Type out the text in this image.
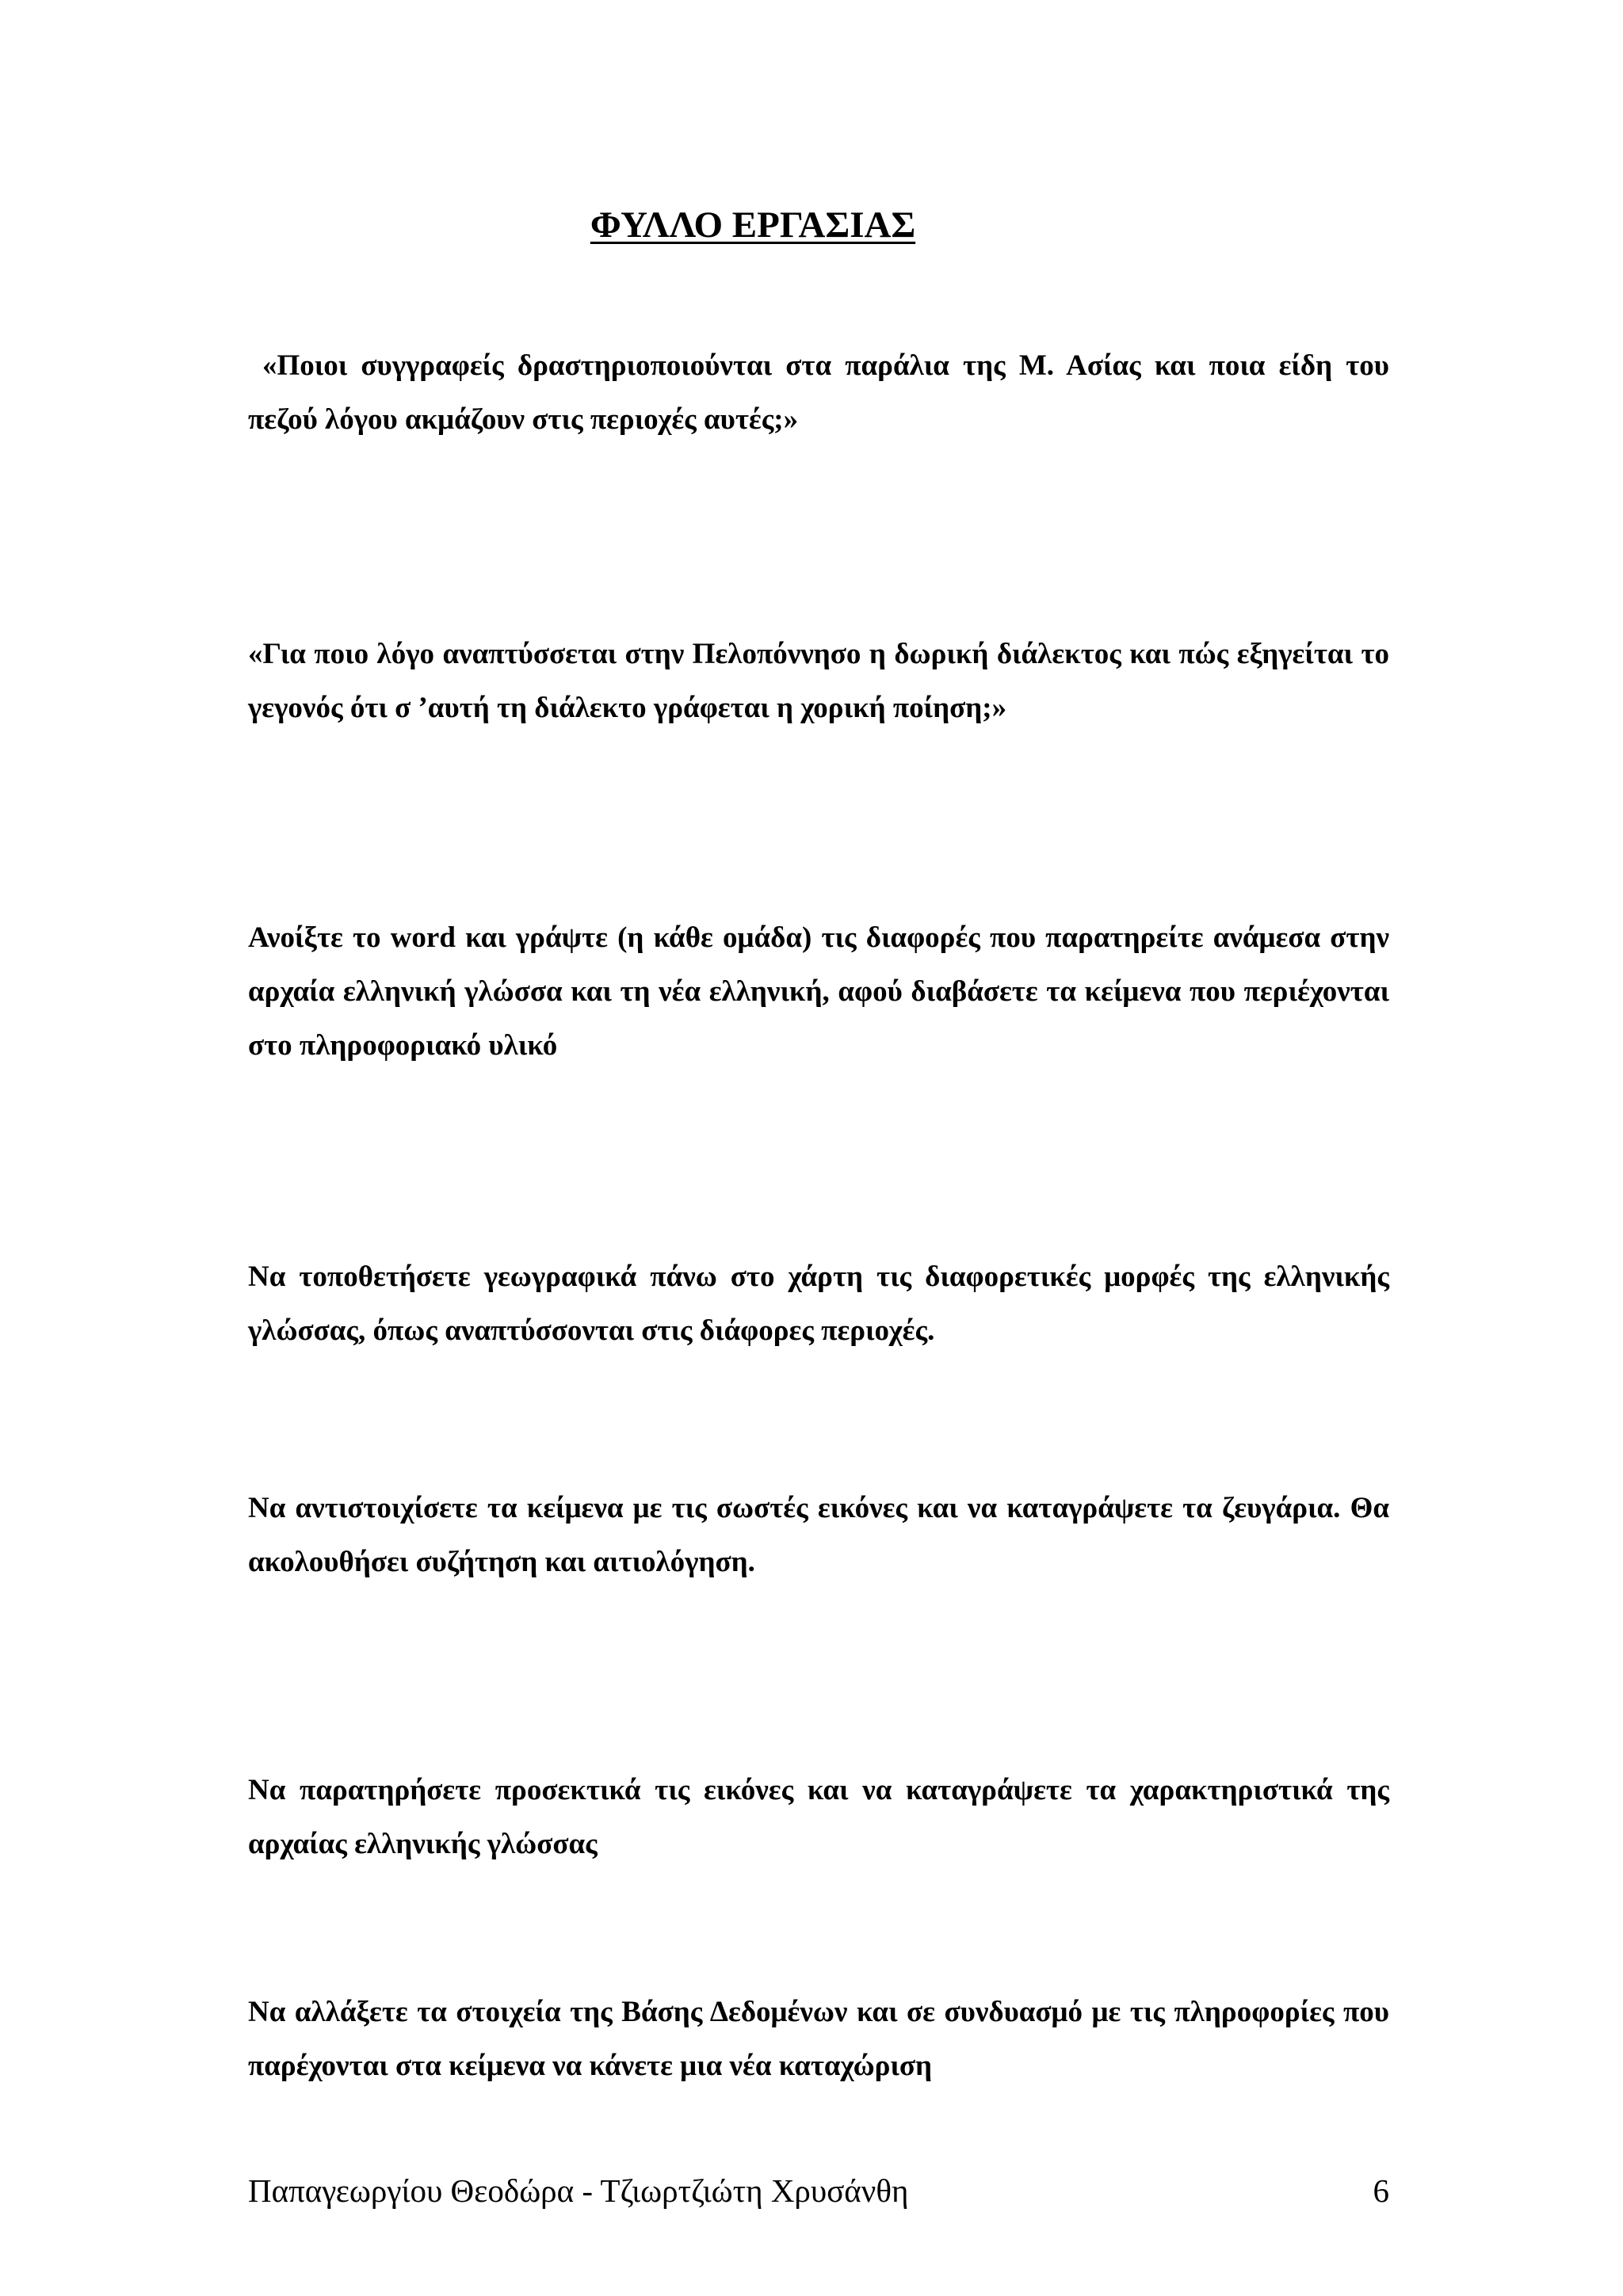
ΦΥΛΛΟ ΕΡΓΑΣΙΑΣ

«Ποιοι συγγραφείς δραστηριοποιούνται στα παράλια της Μ. Ασίας και ποια είδη του πεζού λόγου ακμάζουν στις περιοχές αυτές;»

«Για ποιο λόγο αναπτύσσεται στην Πελοπόννησο η δωρική διάλεκτος και πώς εξηγείται το γεγονός ότι σ ’αυτή τη διάλεκτο γράφεται η χορική ποίηση;»

Ανοίξτε το word και γράψτε (η κάθε ομάδα) τις διαφορές που παρατηρείτε ανάμεσα στην αρχαία ελληνική γλώσσα και τη νέα ελληνική, αφού διαβάσετε τα κείμενα που περιέχονται στο πληροφοριακό υλικό

Να τοποθετήσετε γεωγραφικά πάνω στο χάρτη τις διαφορετικές μορφές της ελληνικής γλώσσας, όπως αναπτύσσονται στις διάφορες περιοχές.

Να αντιστοιχίσετε τα κείμενα με τις σωστές εικόνες και να καταγράψετε τα ζευγάρια. Θα ακολουθήσει συζήτηση και αιτιολόγηση.

Να παρατηρήσετε προσεκτικά τις εικόνες και να καταγράψετε τα χαρακτηριστικά της αρχαίας ελληνικής γλώσσας

Να αλλάξετε τα στοιχεία της Βάσης Δεδομένων και σε συνδυασμό με τις πληροφορίες που παρέχονται στα κείμενα να κάνετε μια νέα καταχώριση

Παπαγεωργίου Θεοδώρα - Τζιωρτζιώτη Χρυσάνθη	6
